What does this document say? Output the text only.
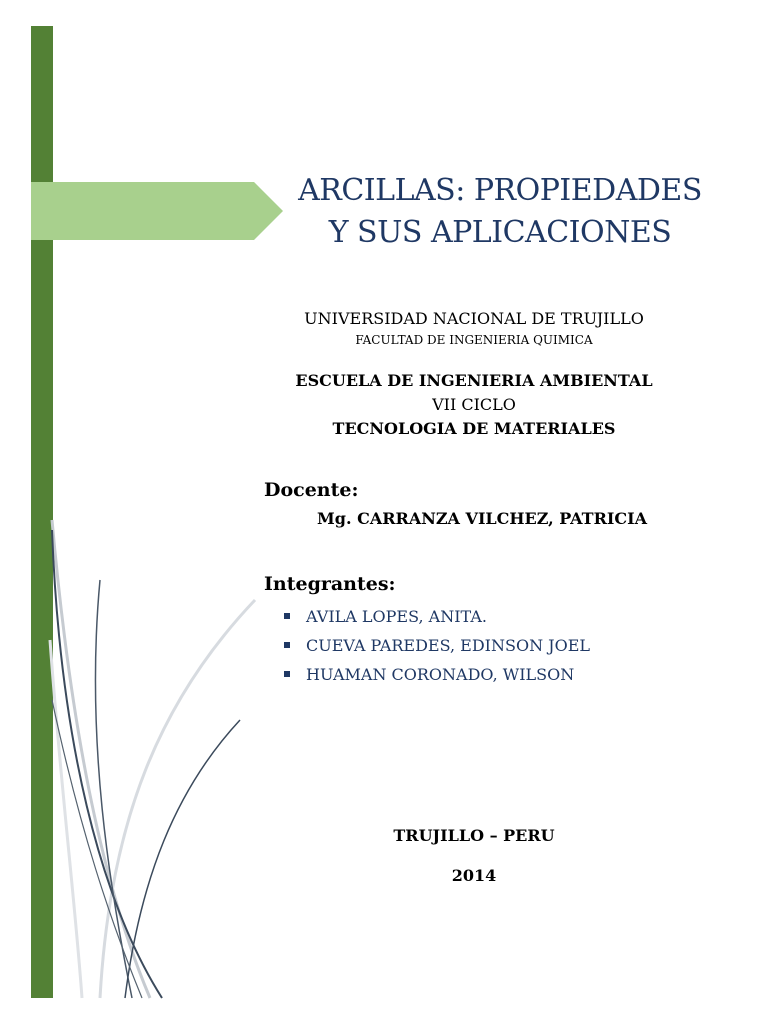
ARCILLAS: PROPIEDADES
Y SUS APLICACIONES
UNIVERSIDAD NACIONAL DE TRUJILLO
FACULTAD DE INGENIERIA QUIMICA
ESCUELA DE INGENIERIA AMBIENTAL
VII CICLO
TECNOLOGIA DE MATERIALES
Docente:
Mg. CARRANZA VILCHEZ, PATRICIA
Integrantes:
AVILA LOPES, ANITA.
CUEVA PAREDES, EDINSON JOEL
HUAMAN CORONADO, WILSON
TRUJILLO – PERU
2014
